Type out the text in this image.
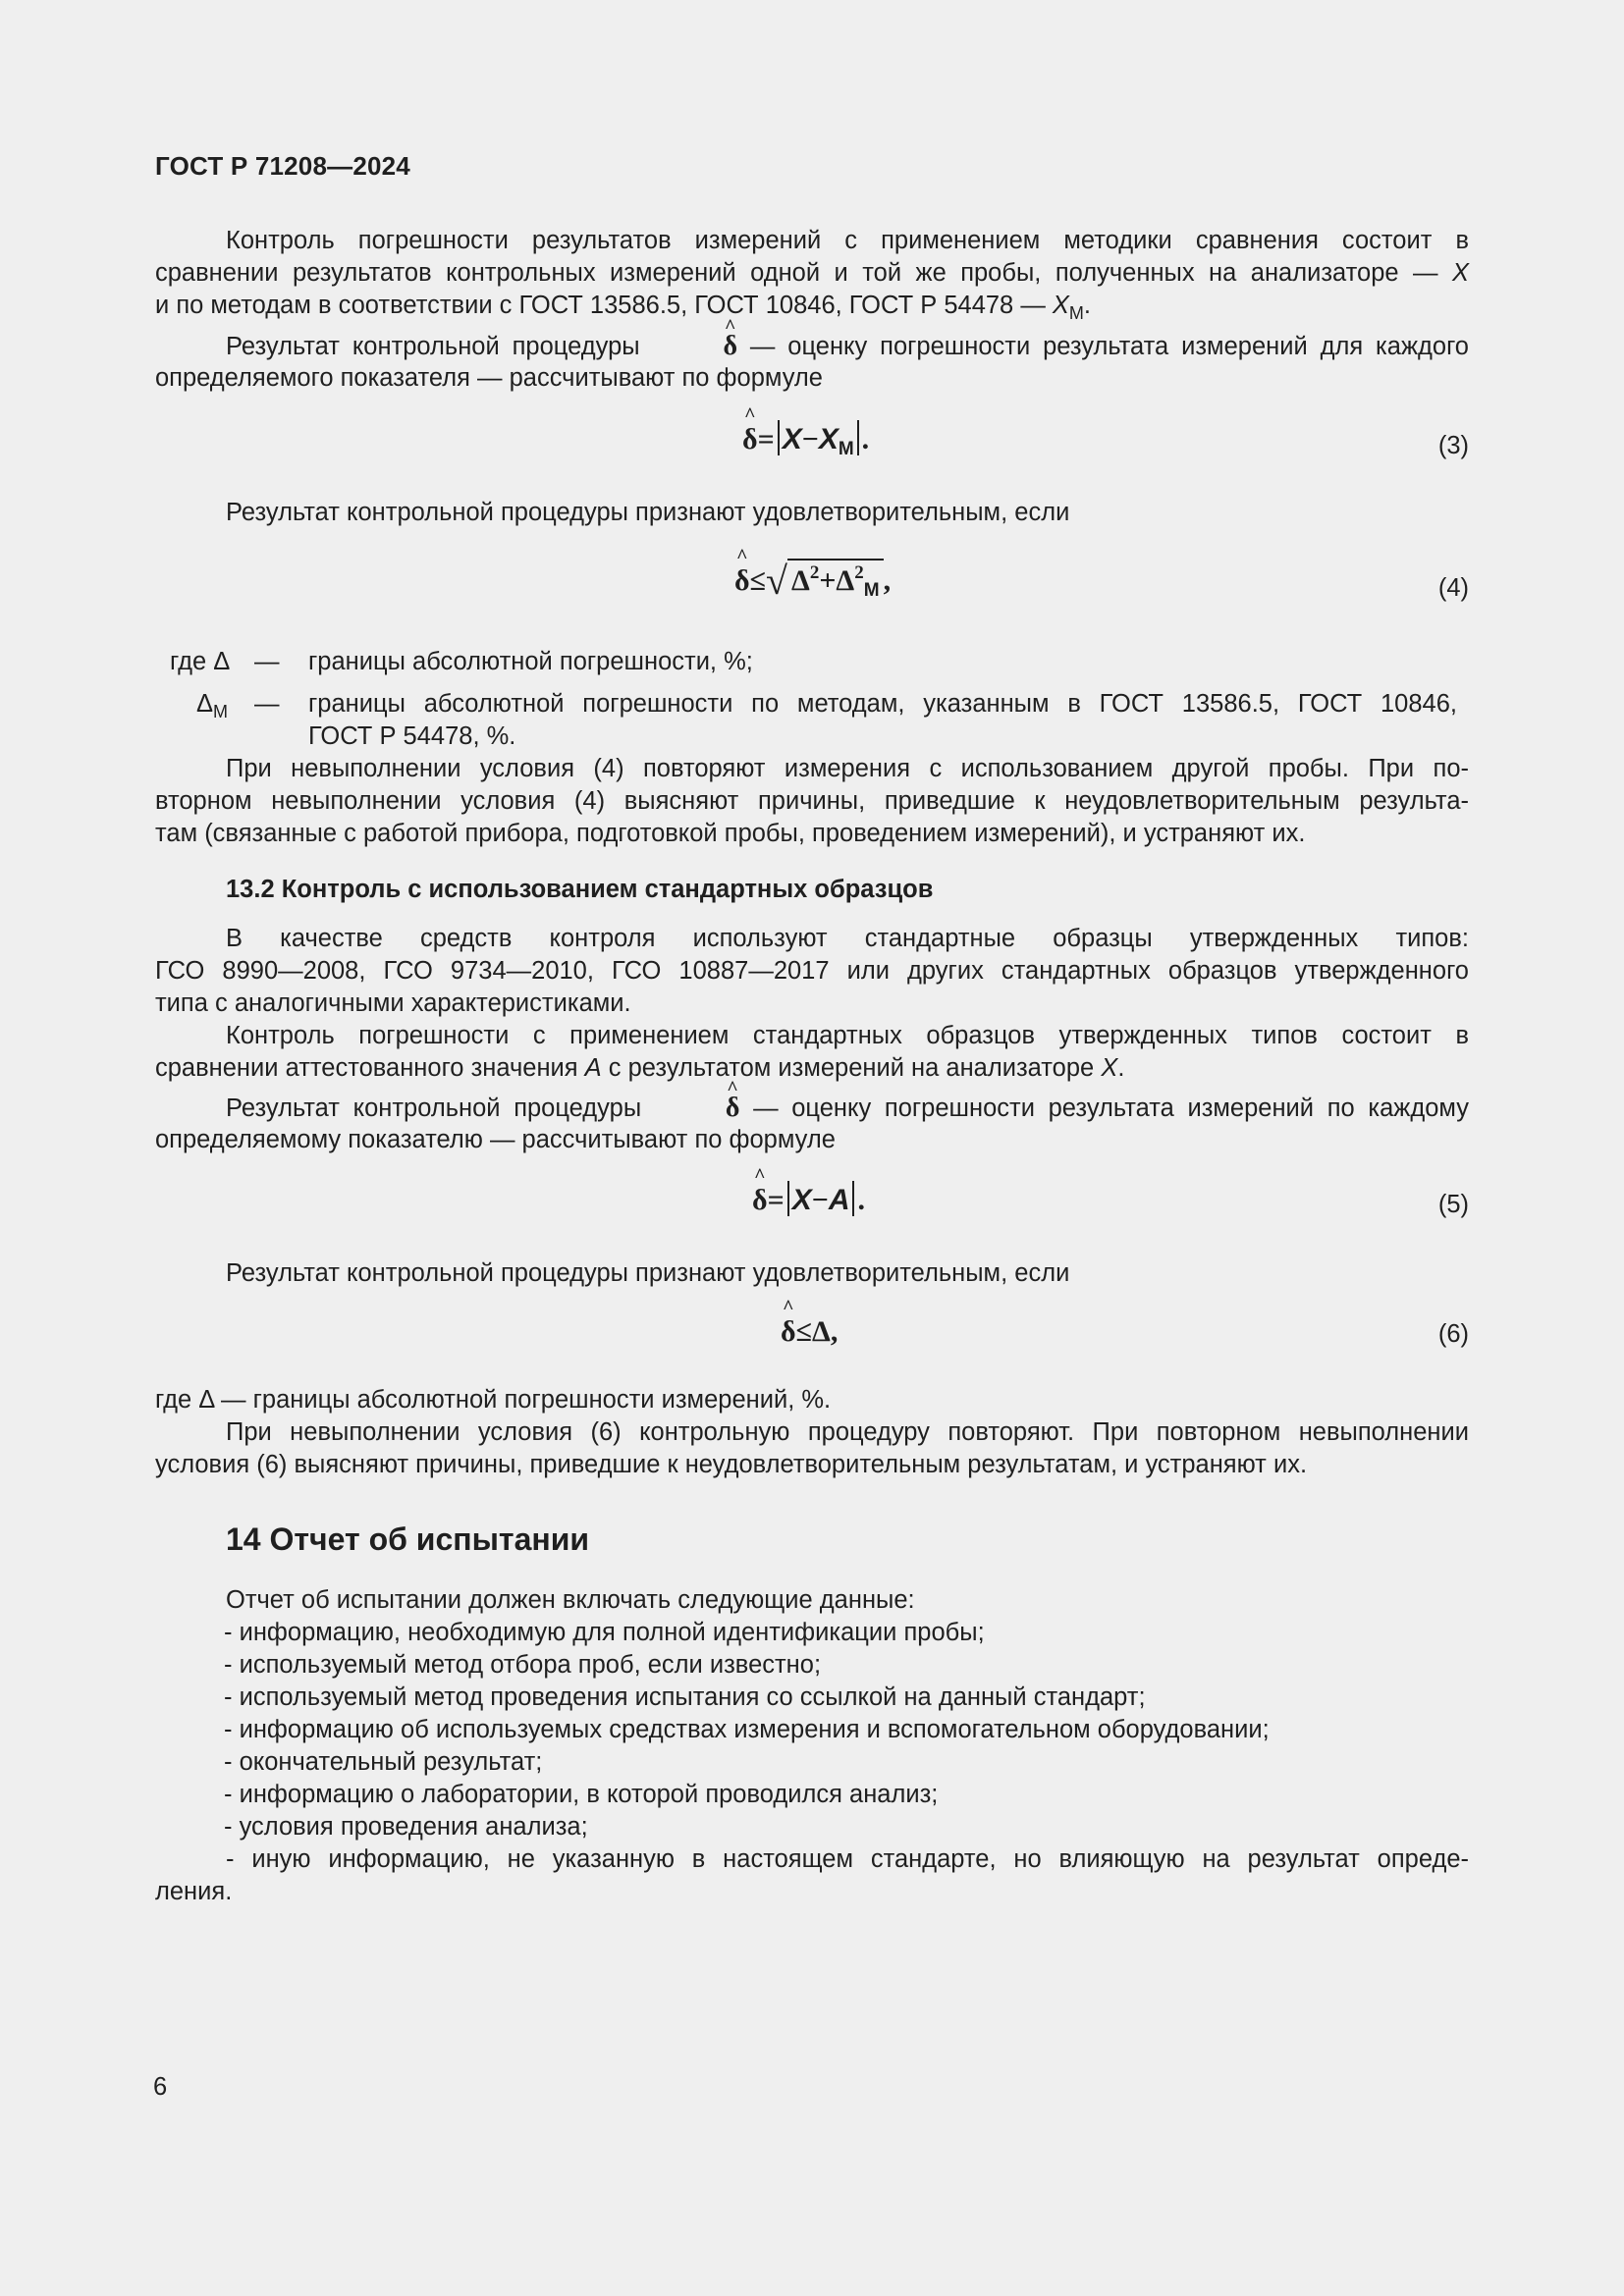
ГОСТ Р 71208—2024
Контроль погрешности результатов измерений с применением методики сравнения состоит в
сравнении результатов контрольных измерений одной и той же пробы, полученных на анализаторе — X
и по методам в соответствии с ГОСТ 13586.5, ГОСТ 10846, ГОСТ Р 54478 — $X_М$.
Результат контрольной процедуры	^ δ — оценку погрешности результата измерений для каждого
определяемого показателя — рассчитывают по формуле
^ $\delta= X-X_М$ .	(3)
Результат контрольной процедуры признают удовлетворительным, если
^ δ≤√ $\Delta^2+\Delta^2_М$ ,	(4)
где Δ — границы абсолютной погрешности, %;
$\Delta_М$ — границы абсолютной погрешности по методам, указанным в ГОСТ 13586.5, ГОСТ 10846,
ГОСТ Р 54478, %.
При невыполнении условия (4) повторяют измерения с использованием другой пробы. При по-
вторном невыполнении условия (4) выясняют причины, приведшие к неудовлетворительным результа-
там (связанные с работой прибора, подготовкой пробы, проведением измерений), и устраняют их.
13.2 Контроль с использованием стандартных образцов
В качестве средств контроля используют стандартные образцы утвержденных типов:
ГСО 8990—2008, ГСО 9734—2010, ГСО 10887—2017 или других стандартных образцов утвержденного
типа с аналогичными характеристиками.
Контроль погрешности с применением стандартных образцов утвержденных типов состоит в
сравнении аттестованного значения А с результатом измерений на анализаторе X.
Результат контрольной процедуры	^ δ — оценку погрешности результата измерений по каждому
определяемому показателю — рассчитывают по формуле
^ δ= X−A .	(5)
Результат контрольной процедуры признают удовлетворительным, если
^ δ≤Δ,	(6)
где Δ — границы абсолютной погрешности измерений, %.
При невыполнении условия (6) контрольную процедуру повторяют. При повторном невыполнении
условия (6) выясняют причины, приведшие к неудовлетворительным результатам, и устраняют их.
14 Отчет об испытании
Отчет об испытании должен включать следующие данные:
- информацию, необходимую для полной идентификации пробы;
- используемый метод отбора проб, если известно;
- используемый метод проведения испытания со ссылкой на данный стандарт;
- информацию об используемых средствах измерения и вспомогательном оборудовании;
- окончательный результат;
- информацию о лаборатории, в которой проводился анализ;
- условия проведения анализа;
- иную информацию, не указанную в настоящем стандарте, но влияющую на результат опреде-
ления.
6
